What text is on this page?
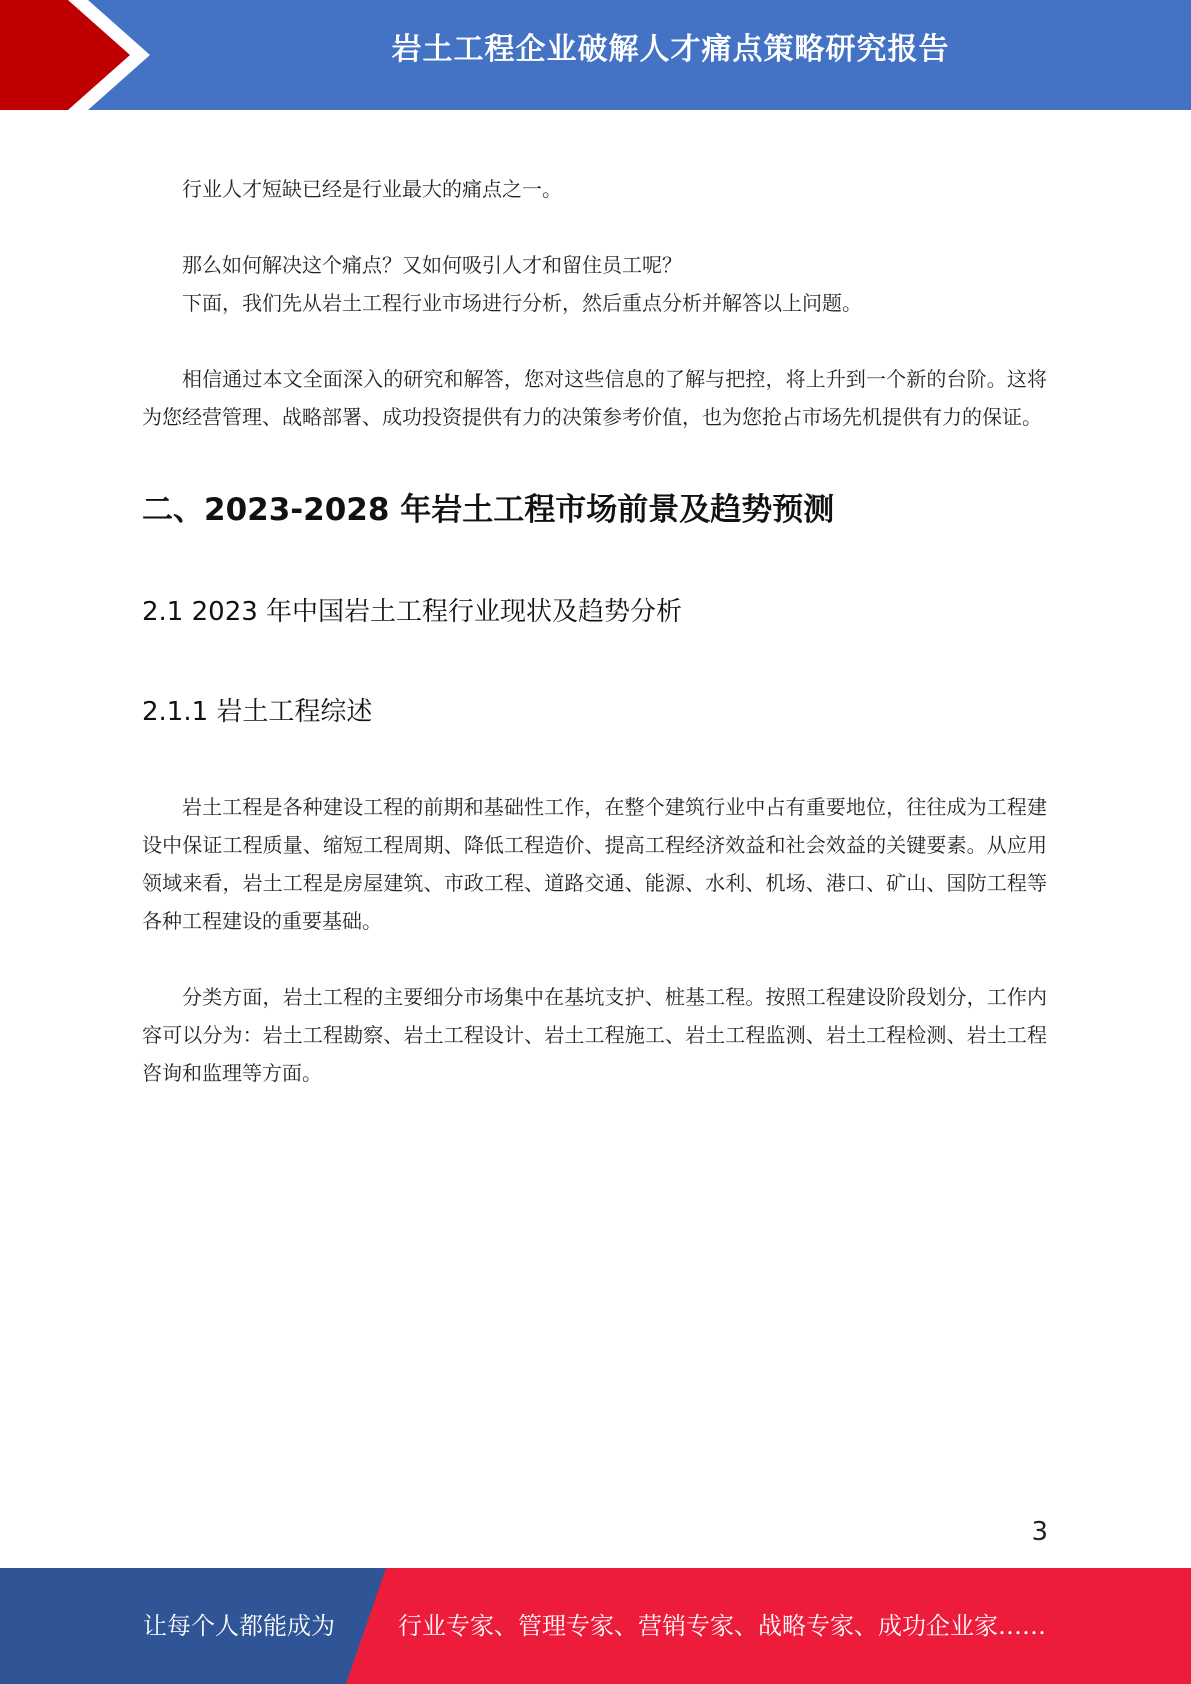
岩土工程企业破解人才痛点策略研究报告

行业人才短缺已经是行业最大的痛点之一。

那么如何解决这个痛点？又如何吸引人才和留住员工呢？

下面，我们先从岩土工程行业市场进行分析，然后重点分析并解答以上问题。

相信通过本文全面深入的研究和解答，您对这些信息的了解与把控，将上升到一个新的台阶。这将为您经营管理、战略部署、成功投资提供有力的决策参考价值，也为您抢占市场先机提供有力的保证。

二、2023-2028 年岩土工程市场前景及趋势预测
2.1 2023 年中国岩土工程行业现状及趋势分析
2.1.1 岩土工程综述

岩土工程是各种建设工程的前期和基础性工作，在整个建筑行业中占有重要地位，往往成为工程建设中保证工程质量、缩短工程周期、降低工程造价、提高工程经济效益和社会效益的关键要素。从应用领域来看，岩土工程是房屋建筑、市政工程、道路交通、能源、水利、机场、港口、矿山、国防工程等各种工程建设的重要基础。

分类方面，岩土工程的主要细分市场集中在基坑支护、桩基工程。按照工程建设阶段划分，工作内容可以分为：岩土工程勘察、岩土工程设计、岩土工程施工、岩土工程监测、岩土工程检测、岩土工程咨询和监理等方面。

3
让每个人都能成为	行业专家、管理专家、营销专家、战略专家、成功企业家……
